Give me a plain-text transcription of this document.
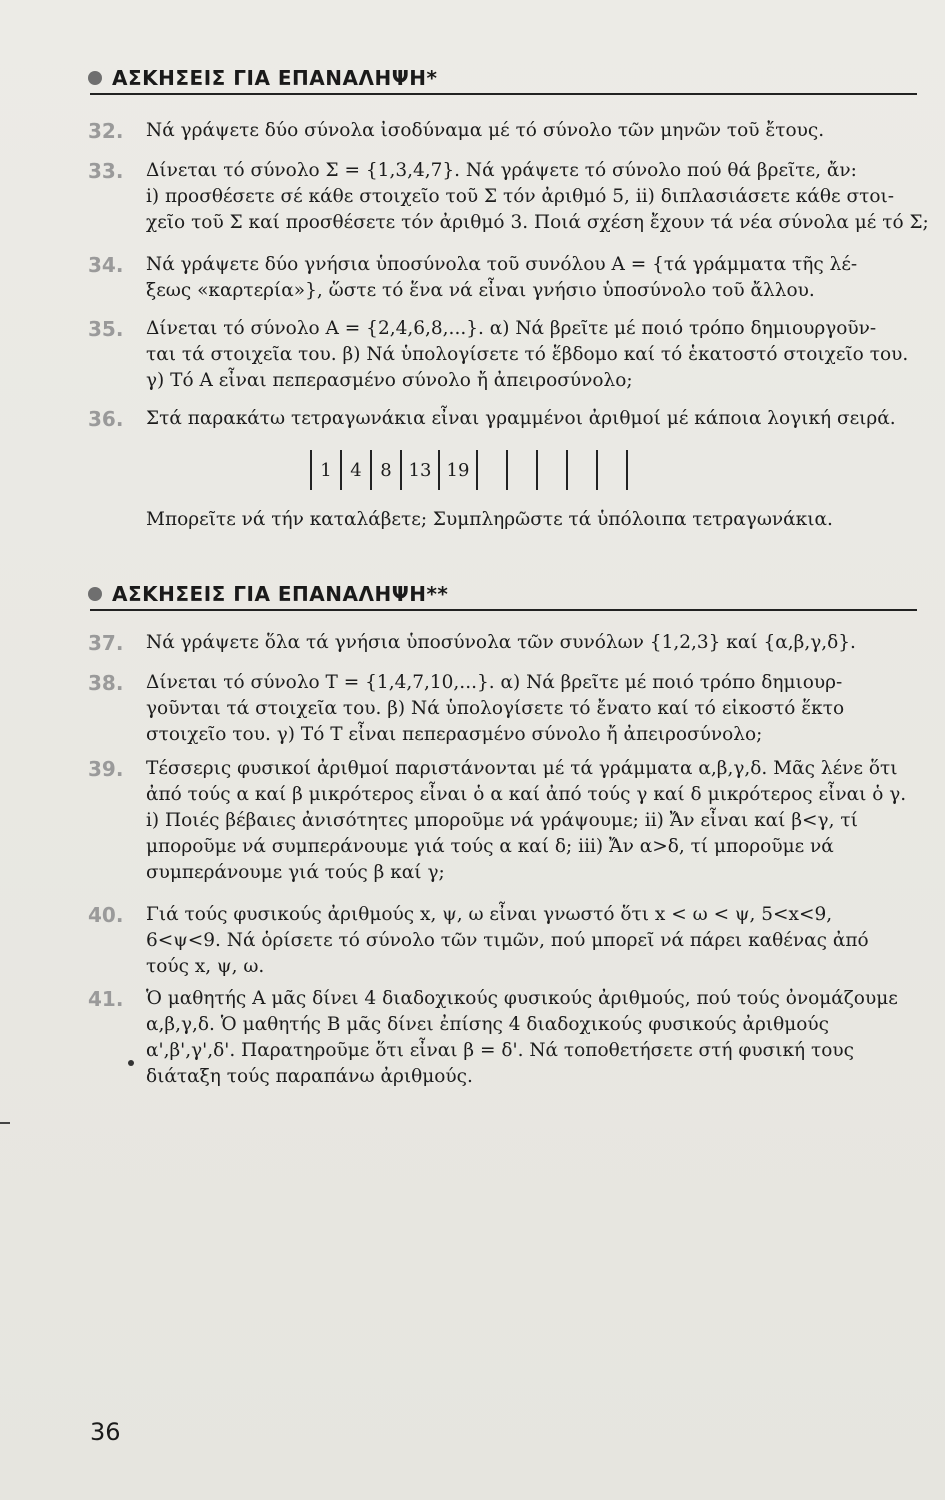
ΑΣΚΗΣΕΙΣ ΓΙΑ ΕΠΑΝΑΛΗΨΗ*
32.	Νά γράψετε δύο σύνολα ἰσοδύναμα μέ τό σύνολο τῶν μηνῶν τοῦ ἔτους.
33.	Δίνεται τό σύνολο Σ = {1,3,4,7}. Νά γράψετε τό σύνολο πού θά βρεῖτε, ἄν:
i) προσθέσετε σέ κάθε στοιχεῖο τοῦ Σ τόν ἀριθμό 5, ii) διπλασιάσετε κάθε στοι-
χεῖο τοῦ Σ καί προσθέσετε τόν ἀριθμό 3. Ποιά σχέση ἔχουν τά νέα σύνολα μέ τό Σ;
34.	Νά γράψετε δύο γνήσια ὑποσύνολα τοῦ συνόλου Α = {τά γράμματα τῆς λέ-
ξεως «καρτερία»}, ὥστε τό ἕνα νά εἶναι γνήσιο ὑποσύνολο τοῦ ἄλλου.
35.	Δίνεται τό σύνολο Α = {2,4,6,8,...}. α) Νά βρεῖτε μέ ποιό τρόπο δημιουργοῦν-
ται τά στοιχεῖα του. β) Νά ὑπολογίσετε τό ἕβδομο καί τό ἑκατοστό στοιχεῖο του.
γ) Τό Α εἶναι πεπερασμένο σύνολο ἤ ἀπειροσύνολο;
36.	Στά παρακάτω τετραγωνάκια εἶναι γραμμένοι ἀριθμοί μέ κάποια λογική σειρά.
1	4	8 13 19
Μπορεῖτε νά τήν καταλάβετε; Συμπληρῶστε τά ὑπόλοιπα τετραγωνάκια.
ΑΣΚΗΣΕΙΣ ΓΙΑ ΕΠΑΝΑΛΗΨΗ**
37.	Νά γράψετε ὅλα τά γνήσια ὑποσύνολα τῶν συνόλων {1,2,3} καί {α,β,γ,δ}.
38.	Δίνεται τό σύνολο Τ = {1,4,7,10,...}. α) Νά βρεῖτε μέ ποιό τρόπο δημιουρ-
γοῦνται τά στοιχεῖα του. β) Νά ὑπολογίσετε τό ἔνατο καί τό εἰκοστό ἕκτο
στοιχεῖο του. γ) Τό Τ εἶναι πεπερασμένο σύνολο ἤ ἀπειροσύνολο;
39.	Τέσσερις φυσικοί ἀριθμοί παριστάνονται μέ τά γράμματα α,β,γ,δ. Μᾶς λένε ὅτι
ἀπό τούς α καί β μικρότερος εἶναι ὁ α καί ἀπό τούς γ καί δ μικρότερος εἶναι ὁ γ.
i) Ποιές βέβαιες ἀνισότητες μποροῦμε νά γράψουμε; ii) Ἄν εἶναι καί β<γ, τί
μποροῦμε νά συμπεράνουμε γιά τούς α καί δ; iii) Ἄν α>δ, τί μποροῦμε νά
συμπεράνουμε γιά τούς β καί γ;
40.	Γιά τούς φυσικούς ἀριθμούς x, ψ, ω εἶναι γνωστό ὅτι x < ω < ψ, 5<x<9,
6<ψ<9. Νά ὁρίσετε τό σύνολο τῶν τιμῶν, πού μπορεῖ νά πάρει καθένας ἀπό
τούς x, ψ, ω.
41.	Ὁ μαθητής Α μᾶς δίνει 4 διαδοχικούς φυσικούς ἀριθμούς, πού τούς ὀνομάζουμε
α,β,γ,δ. Ὁ μαθητής Β μᾶς δίνει ἐπίσης 4 διαδοχικούς φυσικούς ἀριθμούς
α',β',γ',δ'. Παρατηροῦμε ὅτι εἶναι β = δ'. Νά τοποθετήσετε στή φυσική τους
διάταξη τούς παραπάνω ἀριθμούς.
36
